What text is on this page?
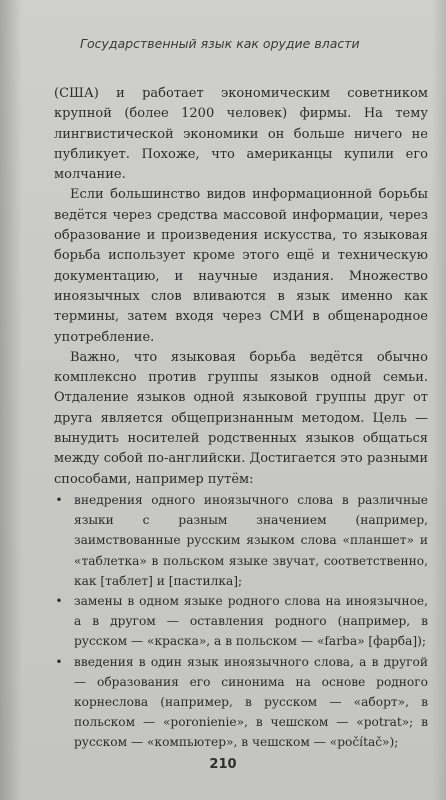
Государственный язык как орудие власти

(США) и работает экономическим советником крупной (более 1200 человек) фирмы. На тему лингвистической экономики он больше ничего не публикует. Похоже, что американцы купили его молчание.

Если большинство видов информационной борьбы ведётся через средства массовой информации, через образование и произведения искусства, то языковая борьба использует кроме этого ещё и техническую документацию, и научные издания. Множество иноязычных слов вливаются в язык именно как термины, затем входя через СМИ в общенародное употребление.

Важно, что языковая борьба ведётся обычно комплексно против группы языков одной семьи. Отдаление языков одной языковой группы друг от друга является общепризнанным методом. Цель — вынудить носителей родственных языков общаться между собой по-английски. Достигается это разными способами, например путём:

• внедрения одного иноязычного слова в различные языки с разным значением (например, заимствованные русским языком слова «планшет» и «таблетка» в польском языке звучат, соответственно, как [таблет] и [пастилка];
• замены в одном языке родного слова на иноязычное, а в другом — оставления родного (например, в русском — «краска», а в польском — «farba» [фарба]);
• введения в один язык иноязычного слова, а в другой — образования его синонима на основе родного корнеслова (например, в русском — «аборт», в польском — «poronienie», в чешском — «potrat»; в русском — «компьютер», в чешском — «počítač»);
210
